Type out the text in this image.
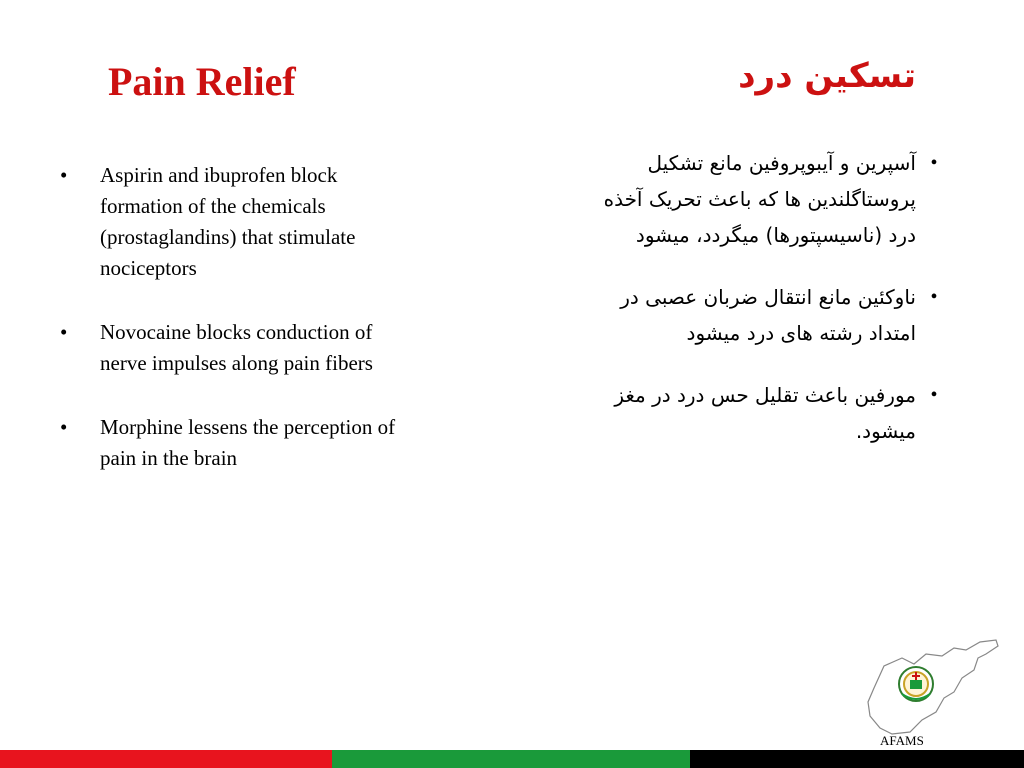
Pain Relief	تسکین درد
•	Aspirin and ibuprofen block formation of the chemicals (prostaglandins) that stimulate nociceptors
•	Novocaine blocks conduction of nerve impulses along pain fibers
•	Morphine lessens the perception of pain in the brain
•
آسپرین و آیبوپروفین مانع تشکیل پروستاگلندین ها که باعث تحریک آخذه درد (ناسیسپتورها) میگردد، میشود
•
ناوکئین مانع انتقال ضربان عصبی در امتداد رشته های درد میشود
•
مورفین باعث تقلیل حس درد در مغز میشود.
AFAMS
